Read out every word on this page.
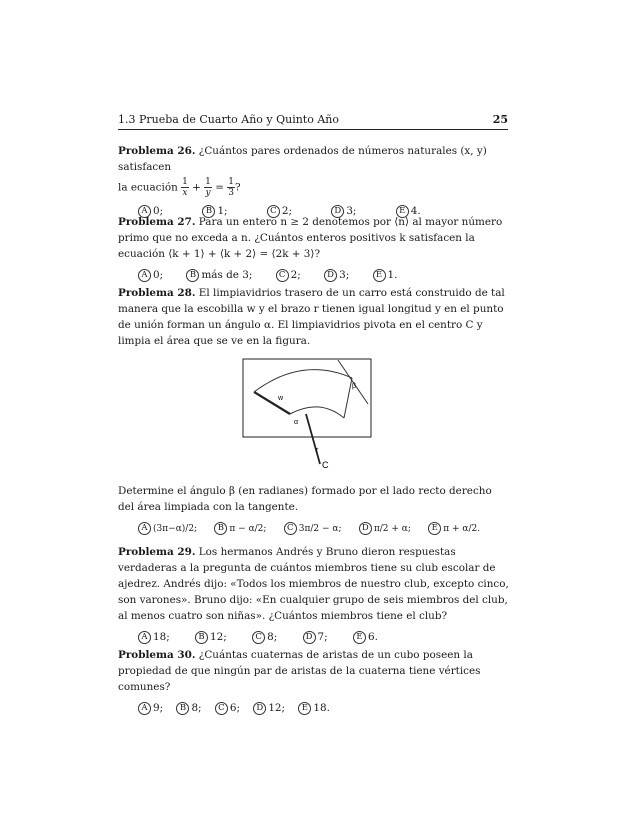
1.3 Prueba de Cuarto Año y Quinto Año	25
Problema 26. ¿Cuántos pares ordenados de números naturales (x, y) satisfacen
la ecuación $\frac{1}{x} + \frac{1}{y} = \frac{1}{3}$ ?
A 0;	B 1;	C 2;	D 3;	E 4.
Problema 27. Para un entero n ≥ 2 denotemos por ⟨n⟩ al mayor número primo que no exceda a n. ¿Cuántos enteros positivos k satisfacen la ecuación ⟨k + 1⟩ + ⟨k + 2⟩ = ⟨2k + 3⟩?
A 0;	B más de 3;	C 2;	D 3;	E 1.
Problema 28. El limpiavidrios trasero de un carro está construido de tal manera que la escobilla w y el brazo r tienen igual longitud y en el punto de unión forman un ángulo α. El limpiavidrios pivota en el centro C y limpia el área que se ve en la figura.
w
β
α
r
C
Determine el ángulo β (en radianes) formado por el lado recto derecho del área limpiada con la tangente.
A (3π−α)/2; B π − α/2; C 3π/2 − α; D π/2 + α; E π + α/2.
Problema 29. Los hermanos Andrés y Bruno dieron respuestas verdaderas a la pregunta de cuántos miembros tiene su club escolar de ajedrez. Andrés dijo: «Todos los miembros de nuestro club, excepto cinco, son varones». Bruno dijo: «En cualquier grupo de seis miembros del club, al menos cuatro son niñas». ¿Cuántos miembros tiene el club?
A 18;	B 12;	C 8;	D 7;	E 6.
Problema 30. ¿Cuántas cuaternas de aristas de un cubo poseen la propiedad de que ningún par de aristas de la cuaterna tiene vértices comunes?
A 9; B 8; C 6; D 12; E 18.
